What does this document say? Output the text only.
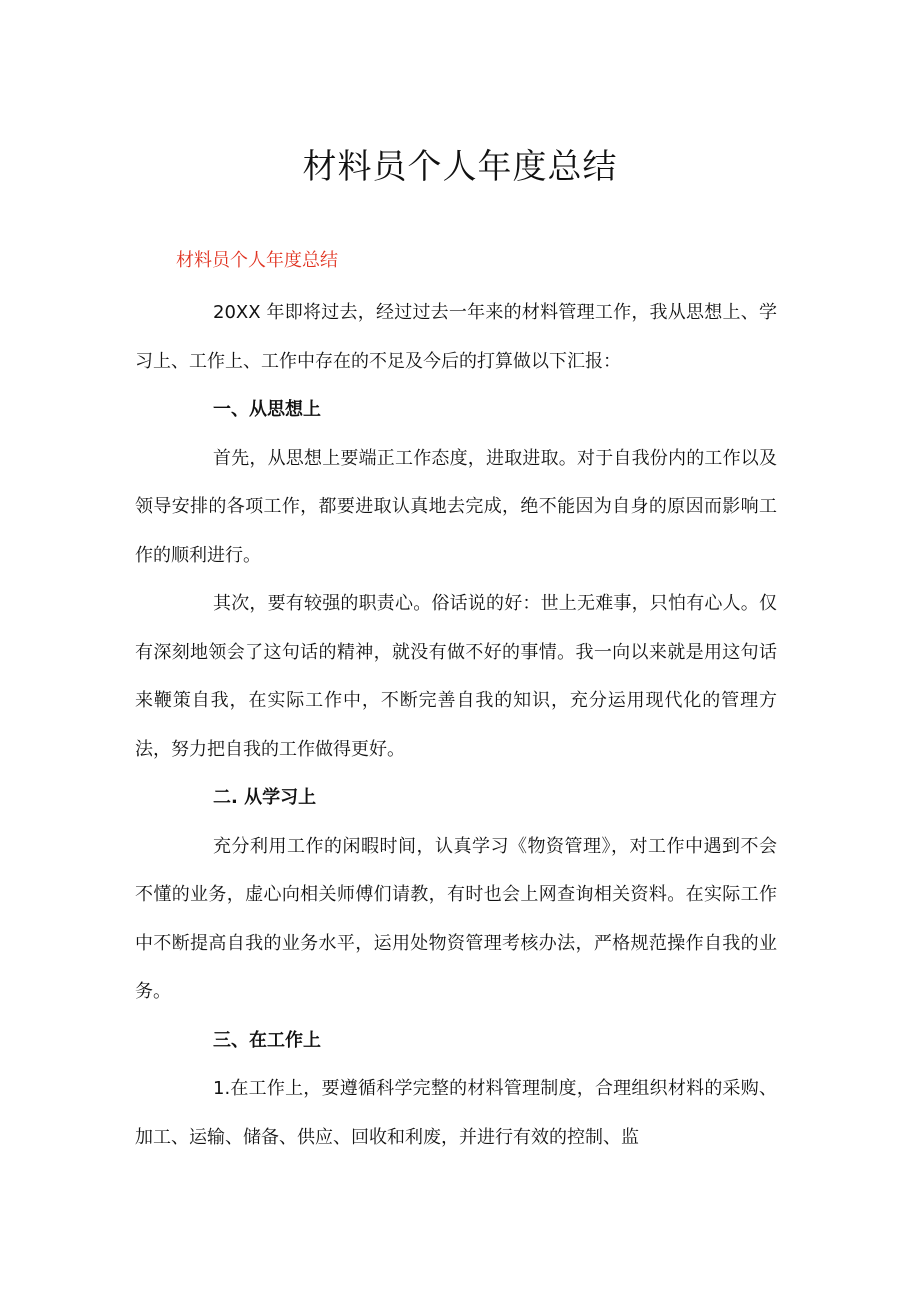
材料员个人年度总结

材料员个人年度总结

20XX 年即将过去，经过过去一年来的材料管理工作，我从思想上、学习上、工作上、工作中存在的不足及今后的打算做以下汇报：

一、从思想上

首先，从思想上要端正工作态度，进取进取。对于自我份内的工作以及领导安排的各项工作，都要进取认真地去完成，绝不能因为自身的原因而影响工作的顺利进行。

其次，要有较强的职责心。俗话说的好：世上无难事，只怕有心人。仅有深刻地领会了这句话的精神，就没有做不好的事情。我一向以来就是用这句话来鞭策自我，在实际工作中，不断完善自我的知识，充分运用现代化的管理方法，努力把自我的工作做得更好。

二. 从学习上

充分利用工作的闲暇时间，认真学习《物资管理》，对工作中遇到不会不懂的业务，虚心向相关师傅们请教，有时也会上网查询相关资料。在实际工作中不断提高自我的业务水平，运用处物资管理考核办法，严格规范操作自我的业务。

三、在工作上

1.在工作上，要遵循科学完整的材料管理制度，合理组织材料的采购、加工、运输、储备、供应、回收和利废，并进行有效的控制、监
